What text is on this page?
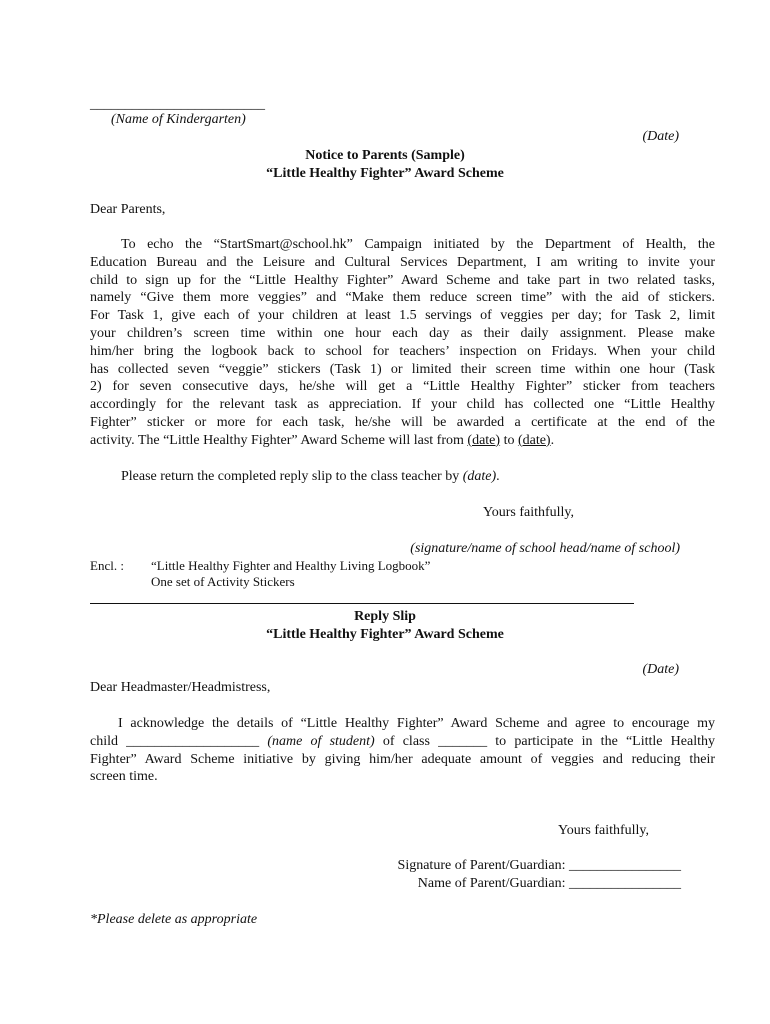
_________________________
(Name of Kindergarten)
(Date)
Notice to Parents (Sample)
“Little Healthy Fighter” Award Scheme
Dear Parents,
To echo the “StartSmart@school.hk” Campaign initiated by the Department of Health, the
Education Bureau and the Leisure and Cultural Services Department, I am writing to invite your
child to sign up for the “Little Healthy Fighter” Award Scheme and take part in two related tasks,
namely “Give them more veggies” and “Make them reduce screen time” with the aid of stickers.
For Task 1, give each of your children at least 1.5 servings of veggies per day; for Task 2, limit
your children’s screen time within one hour each day as their daily assignment. Please make
him/her bring the logbook back to school for teachers’ inspection on Fridays. When your child
has collected seven “veggie” stickers (Task 1) or limited their screen time within one hour (Task
2) for seven consecutive days, he/she will get a “Little Healthy Fighter” sticker from teachers
accordingly for the relevant task as appreciation. If your child has collected one “Little Healthy
Fighter” sticker or more for each task, he/she will be awarded a certificate at the end of the
activity. The “Little Healthy Fighter” Award Scheme will last from (date) to (date).
Please return the completed reply slip to the class teacher by (date).
Yours faithfully,
(signature/name of school head/name of school)
Encl. : “Little Healthy Fighter and Healthy Living Logbook”
One set of Activity Stickers
Reply Slip
“Little Healthy Fighter” Award Scheme
(Date)
Dear Headmaster/Headmistress,
I acknowledge the details of “Little Healthy Fighter” Award Scheme and agree to encourage my
child ___________________ (name of student) of class _______ to participate in the “Little Healthy
Fighter” Award Scheme initiative by giving him/her adequate amount of veggies and reducing their
screen time.
Yours faithfully,
Signature of Parent/Guardian: ________________
Name of Parent/Guardian: ________________
*Please delete as appropriate
